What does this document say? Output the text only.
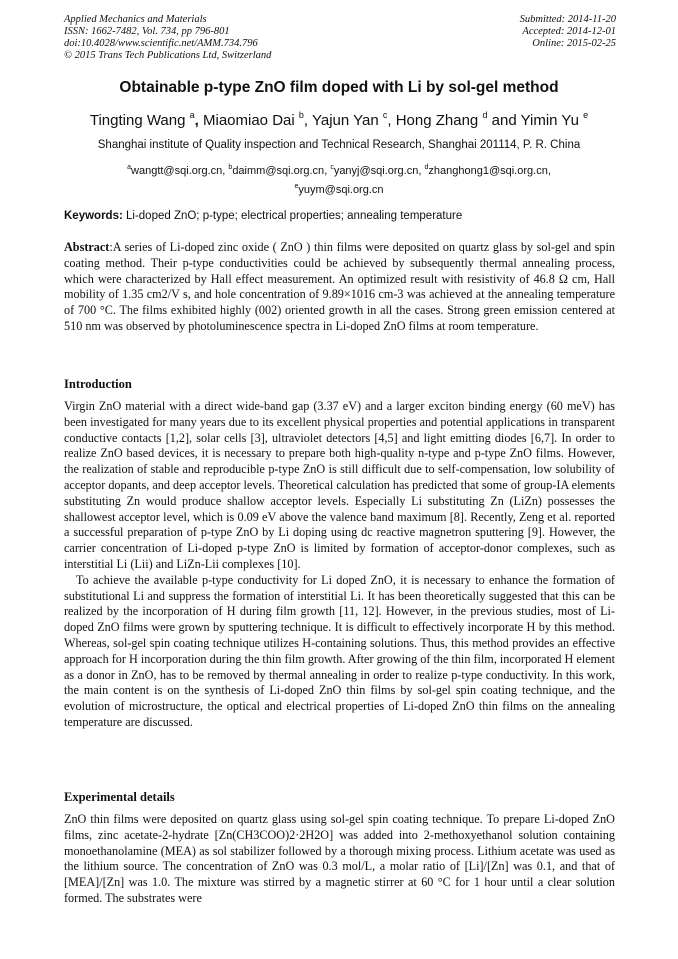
Applied Mechanics and Materials
ISSN: 1662-7482, Vol. 734, pp 796-801
doi:10.4028/www.scientific.net/AMM.734.796
© 2015 Trans Tech Publications Ltd, Switzerland
Submitted: 2014-11-20
Accepted: 2014-12-01
Online: 2015-02-25
Obtainable p-type ZnO film doped with Li by sol-gel method
Tingting Wang $^a$, Miaomiao Dai $^b$, Yajun Yan $^c$, Hong Zhang $^d$ and Yimin Yu $^e$
Shanghai institute of Quality inspection and Technical Research, Shanghai 201114, P. R. China
$^a$wangtt@sqi.org.cn, $^b$daimm@sqi.org.cn, $^c$yanyj@sqi.org.cn, $^d$zhanghong1@sqi.org.cn,
$^e$yuym@sqi.org.cn
Keywords: Li-doped ZnO; p-type; electrical properties; annealing temperature

Abstract:A series of Li-doped zinc oxide ( ZnO ) thin films were deposited on quartz glass by sol-gel and spin coating method. Their p-type conductivities could be achieved by subsequently thermal annealing process, which were characterized by Hall effect measurement. An optimized result with resistivity of 46.8 Ω cm, Hall mobility of 1.35 cm2/V s, and hole concentration of 9.89×1016 cm-3 was achieved at the annealing temperature of 700 °C. The films exhibited highly (002) oriented growth in all the cases. Strong green emission centered at 510 nm was observed by photoluminescence spectra in Li-doped ZnO films at room temperature.

Introduction

Virgin ZnO material with a direct wide-band gap (3.37 eV) and a larger exciton binding energy (60 meV) has been investigated for many years due to its excellent physical properties and potential applications in transparent conductive contacts [1,2], solar cells [3], ultraviolet detectors [4,5] and light emitting diodes [6,7]. In order to realize ZnO based devices, it is necessary to prepare both high-quality n-type and p-type ZnO films. However, the realization of stable and reproducible p-type ZnO is still difficult due to self-compensation, low solubility of acceptor dopants, and deep acceptor levels. Theoretical calculation has predicted that some of group-IA elements substituting Zn would produce shallow acceptor levels. Especially Li substituting Zn (LiZn) possesses the shallowest acceptor level, which is 0.09 eV above the valence band maximum [8]. Recently, Zeng et al. reported a successful preparation of p-type ZnO by Li doping using dc reactive magnetron sputtering [9]. However, the carrier concentration of Li-doped p-type ZnO is limited by formation of acceptor-donor complexes, such as interstitial Li (Lii) and LiZn-Lii complexes [10].

To achieve the available p-type conductivity for Li doped ZnO, it is necessary to enhance the formation of substitutional Li and suppress the formation of interstitial Li. It has been theoretically suggested that this can be realized by the incorporation of H during film growth [11, 12]. However, in the previous studies, most of Li-doped ZnO films were grown by sputtering technique. It is difficult to effectively incorporate H by this method. Whereas, sol-gel spin coating technique utilizes H-containing solutions. Thus, this method provides an effective approach for H incorporation during the thin film growth. After growing of the thin film, incorporated H element as a donor in ZnO, has to be removed by thermal annealing in order to realize p-type conductivity. In this work, the main content is on the synthesis of Li-doped ZnO thin films by sol-gel spin coating technique, and the evolution of microstructure, the optical and electrical properties of Li-doped ZnO thin films on the annealing temperature are discussed.

Experimental details

ZnO thin films were deposited on quartz glass using sol-gel spin coating technique. To prepare Li-doped ZnO films, zinc acetate-2-hydrate [Zn(CH3COO)2·2H2O] was added into 2-methoxyethanol solution containing monoethanolamine (MEA) as sol stabilizer followed by a thorough mixing process. Lithium acetate was used as the lithium source. The concentration of ZnO was 0.3 mol/L, a molar ratio of [Li]/[Zn] was 0.1, and that of [MEA]/[Zn] was 1.0. The mixture was stirred by a magnetic stirrer at 60 °C for 1 hour until a clear solution formed. The substrates were
